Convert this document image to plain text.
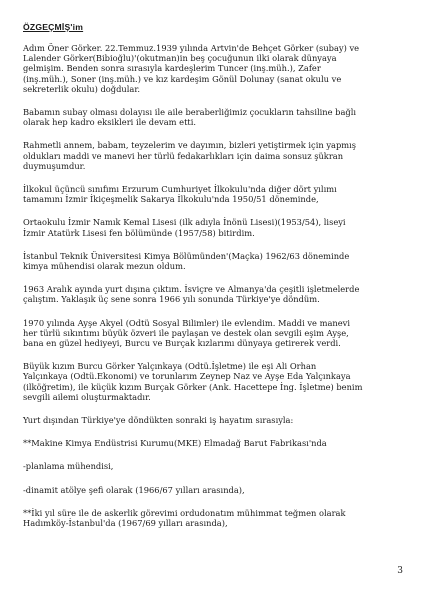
ÖZGEÇMİŞ'im
Adım Öner Görker. 22.Temmuz.1939 yılında Artvin'de Behçet Görker (subay) ve
Lalender Görker(Bibioğlu)'(okutman)in beş çocuğunun ilki olarak dünyaya
gelmişim. Benden sonra sırasıyla kardeşlerim Tuncer (inş.müh.), Zafer
(inş.müh.), Soner (inş.müh.) ve kız kardeşim Gönül Dolunay (sanat okulu ve
sekreterlik okulu) doğdular.
Babamın subay olması dolayısı ile aile beraberliğimiz çocukların tahsiline bağlı
olarak hep kadro eksikleri ile devam etti.
Rahmetli annem, babam, teyzelerim ve dayımın, bizleri yetiştirmek için yapmış
oldukları maddi ve manevi her türlü fedakarlıkları için daima sonsuz şükran
duymuşumdur.
İlkokul üçüncü sınıfımı Erzurum Cumhuriyet İlkokulu'nda diğer dört yılımı
tamamını İzmir İkiçeşmelik Sakarya İlkokulu'nda 1950/51 döneminde,
Ortaokulu İzmir Namık Kemal Lisesi (ilk adıyla İnönü Lisesi)(1953/54), liseyi
İzmir Atatürk Lisesi fen bölümünde (1957/58) bitirdim.
İstanbul Teknik Üniversitesi Kimya Bölümünden'(Maçka) 1962/63 döneminde
kimya mühendisi olarak mezun oldum.
1963 Aralık ayında yurt dışına çıktım. İsviçre ve Almanya'da çeşitli işletmelerde
çalıştım. Yaklaşık üç sene sonra 1966 yılı sonunda Türkiye'ye döndüm.
1970 yılında Ayşe Akyel (Odtü Sosyal Bilimler) ile evlendim. Maddi ve manevi
her türlü sıkıntımı büyük özveri ile paylaşan ve destek olan sevgili eşim Ayşe,
bana en güzel hediyeyi, Burcu ve Burçak kızlarımı dünyaya getirerek verdi.
Büyük kızım Burcu Görker Yalçınkaya (Odtü.İşletme) ile eşi Ali Orhan
Yalçınkaya (Odtü.Ekonomi) ve torunlarım Zeynep Naz ve Ayşe Eda Yalçınkaya
(ilköğretim), ile küçük kızım Burçak Görker (Ank. Hacettepe İng. İşletme) benim
sevgili ailemi oluşturmaktadır.
Yurt dışından Türkiye'ye döndükten sonraki iş hayatım sırasıyla:
**Makine Kimya Endüstrisi Kurumu(MKE) Elmadağ Barut Fabrikası'nda
-planlama mühendisi,
-dinamit atölye şefi olarak (1966/67 yılları arasında),
**İki yıl süre ile de askerlik görevimi ordudonatım mühimmat teğmen olarak
Hadımköy-İstanbul'da (1967/69 yılları arasında),
3
